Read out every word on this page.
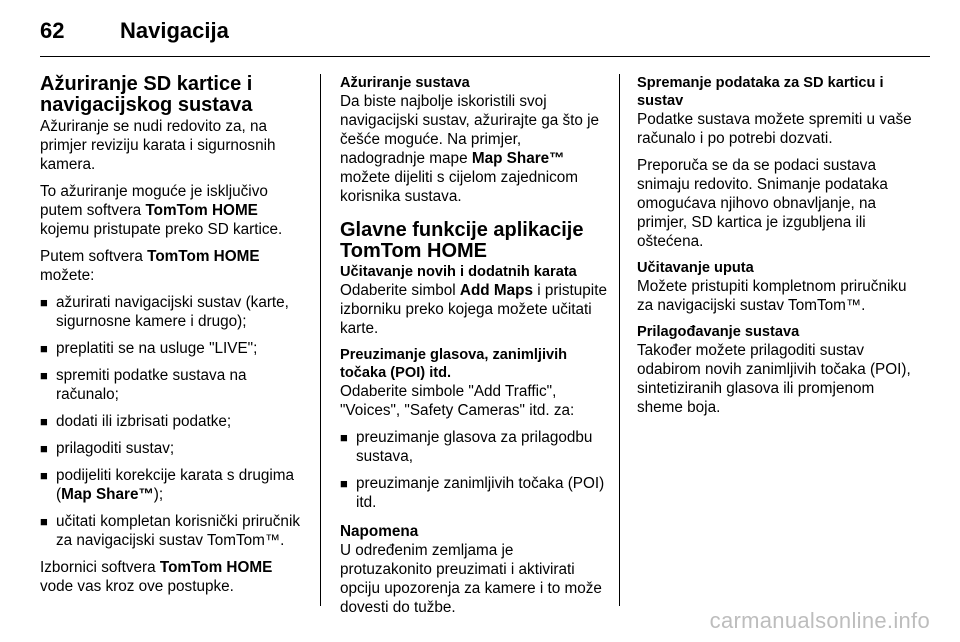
62	Navigacija
Ažuriranje SD kartice i navigacijskog sustava

Ažuriranje se nudi redovito za, na primjer reviziju karata i sigurnosnih kamera.

To ažuriranje moguće je isključivo putem softvera TomTom HOME kojemu pristupate preko SD kartice.

Putem softvera TomTom HOME možete:

■ ažurirati navigacijski sustav (karte, sigurnosne kamere i drugo);
■ preplatiti se na usluge "LIVE";
■ spremiti podatke sustava na računalo;
■ dodati ili izbrisati podatke;
■ prilagoditi sustav;
■ podijeliti korekcije karata s drugima (Map Share™);
■ učitati kompletan korisnički priručnik za navigacijski sustav TomTom™.

Izbornici softvera TomTom HOME vode vas kroz ove postupke.

Ažuriranje sustava

Da biste najbolje iskoristili svoj navigacijski sustav, ažurirajte ga što je češće moguće. Na primjer, nadogradnje mape Map Share™ možete dijeliti s cijelom zajednicom korisnika sustava.

Glavne funkcije aplikacije TomTom HOME
Učitavanje novih i dodatnih karata

Odaberite simbol Add Maps i pristupite izborniku preko kojega možete učitati karte.

Preuzimanje glasova, zanimljivih točaka (POI) itd.

Odaberite simbole "Add Traffic", "Voices", "Safety Cameras" itd. za:

■ preuzimanje glasova za prilagodbu sustava,
■ preuzimanje zanimljivih točaka (POI) itd.
Napomena
U određenim zemljama je protuzakonito preuzimati i aktivirati opciju upozorenja za kamere i to može dovesti do tužbe.
Spremanje podataka za SD karticu i sustav

Podatke sustava možete spremiti u vaše računalo i po potrebi dozvati.

Preporuča se da se podaci sustava snimaju redovito. Snimanje podataka omogućava njihovo obnavljanje, na primjer, SD kartica je izgubljena ili oštećena.

Učitavanje uputa

Možete pristupiti kompletnom priručniku za navigacijski sustav TomTom™.

Prilagođavanje sustava

Također možete prilagoditi sustav odabirom novih zanimljivih točaka (POI), sintetiziranih glasova ili promjenom sheme boja.

carmanualsonline.info
